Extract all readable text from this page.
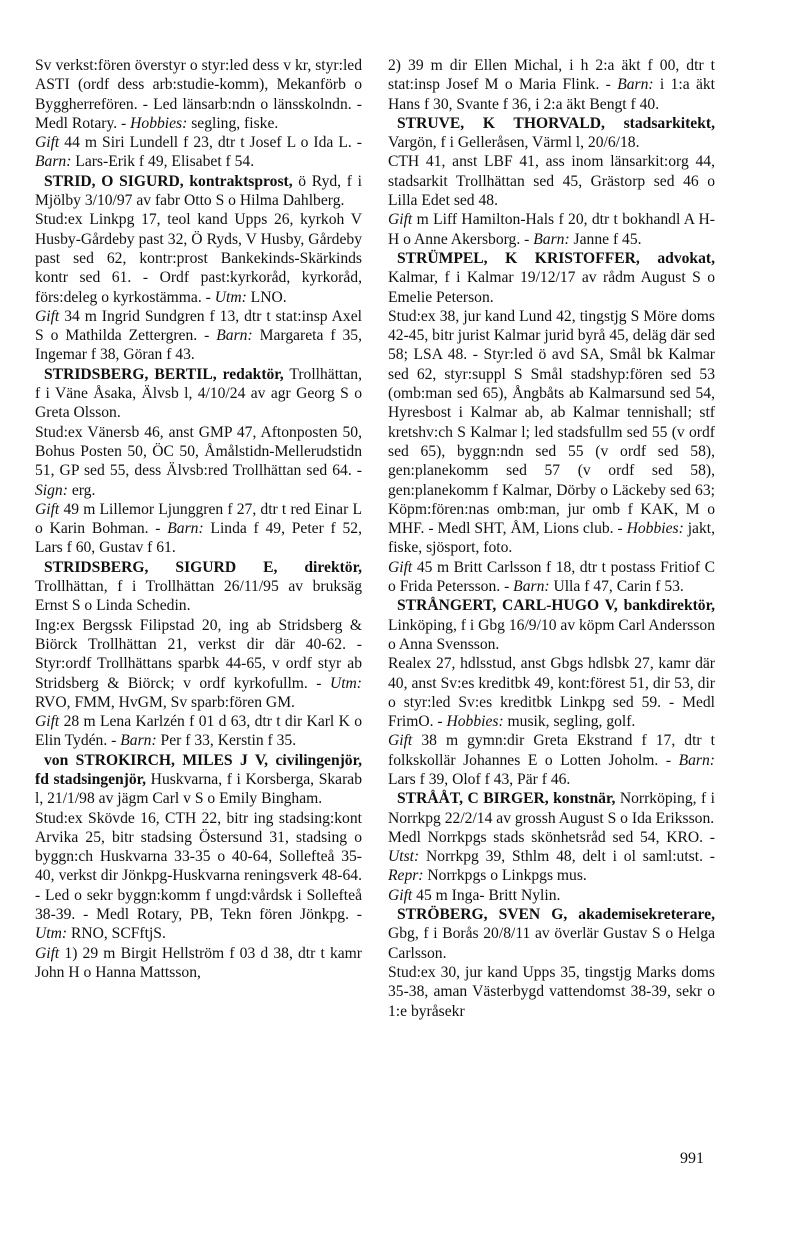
Sv verkst:fören överstyr o styr:led dess v kr, styr:led ASTI (ordf dess arb:studie-komm), Mekanförb o Byggherrefören. - Led länsarb:ndn o länsskolndn. - Medl Rotary. - Hobbies: segling, fiske.

Gift 44 m Siri Lundell f 23, dtr t Josef L o Ida L. - Barn: Lars-Erik f 49, Elisabet f 54.

STRID, O SIGURD, kontraktsprost, ö Ryd, f i Mjölby 3/10/97 av fabr Otto S o Hilma Dahlberg.

Stud:ex Linkpg 17, teol kand Upps 26, kyrkoh V Husby-Gårdeby past 32, Ö Ryds, V Husby, Gårdeby past sed 62, kontr:prost Bankekinds-Skärkinds kontr sed 61. - Ordf past:kyrkoråd, kyrkoråd, förs:deleg o kyrkostämma. - Utm: LNO.

Gift 34 m Ingrid Sundgren f 13, dtr t stat:insp Axel S o Mathilda Zettergren. - Barn: Margareta f 35, Ingemar f 38, Göran f 43.

STRIDSBERG, BERTIL, redaktör, Trollhättan, f i Väne Åsaka, Älvsb l, 4/10/24 av agr Georg S o Greta Olsson.

Stud:ex Vänersb 46, anst GMP 47, Aftonposten 50, Bohus Posten 50, ÖC 50, Åmålstidn-Mellerudstidn 51, GP sed 55, dess Älvsb:red Trollhättan sed 64. - Sign: erg.

Gift 49 m Lillemor Ljunggren f 27, dtr t red Einar L o Karin Bohman. - Barn: Linda f 49, Peter f 52, Lars f 60, Gustav f 61.

STRIDSBERG, SIGURD E, direktör, Trollhättan, f i Trollhättan 26/11/95 av bruksäg Ernst S o Linda Schedin.

Ing:ex Bergssk Filipstad 20, ing ab Stridsberg & Biörck Trollhättan 21, verkst dir där 40-62. - Styr:ordf Trollhättans sparbk 44-65, v ordf styr ab Stridsberg & Biörck; v ordf kyrkofullm. - Utm: RVO, FMM, HvGM, Sv sparb:fören GM.

Gift 28 m Lena Karlzén f 01 d 63, dtr t dir Karl K o Elin Tydén. - Barn: Per f 33, Kerstin f 35.

von STROKIRCH, MILES J V, civilingenjör, fd stadsingenjör, Huskvarna, f i Korsberga, Skarab l, 21/1/98 av jägm Carl v S o Emily Bingham.

Stud:ex Skövde 16, CTH 22, bitr ing stadsing:kont Arvika 25, bitr stadsing Östersund 31, stadsing o byggn:ch Huskvarna 33-35 o 40-64, Sollefteå 35-40, verkst dir Jönkpg-Huskvarna reningsverk 48-64. - Led o sekr byggn:komm f ungd:vårdsk i Sollefteå 38-39. - Medl Rotary, PB, Tekn fören Jönkpg. - Utm: RNO, SCFftjS.

Gift 1) 29 m Birgit Hellström f 03 d 38, dtr t kamr John H o Hanna Mattsson,

2) 39 m dir Ellen Michal, i h 2:a äkt f 00, dtr t stat:insp Josef M o Maria Flink. - Barn: i 1:a äkt Hans f 30, Svante f 36, i 2:a äkt Bengt f 40.

STRUVE, K THORVALD, stadsarkitekt, Vargön, f i Gelleråsen, Värml l, 20/6/18.

CTH 41, anst LBF 41, ass inom länsarkit:org 44, stadsarkit Trollhättan sed 45, Grästorp sed 46 o Lilla Edet sed 48.

Gift m Liff Hamilton-Hals f 20, dtr t bokhandl A H-H o Anne Akersborg. - Barn: Janne f 45.

STRÜMPEL, K KRISTOFFER, advokat, Kalmar, f i Kalmar 19/12/17 av rådm August S o Emelie Peterson.

Stud:ex 38, jur kand Lund 42, tingstjg S Möre doms 42-45, bitr jurist Kalmar jurid byrå 45, deläg där sed 58; LSA 48. - Styr:led ö avd SA, Smål bk Kalmar sed 62, styr:suppl S Smål stadshyp:fören sed 53 (omb:man sed 65), Ångbåts ab Kalmarsund sed 54, Hyresbost i Kalmar ab, ab Kalmar tennishall; stf kretshv:ch S Kalmar l; led stadsfullm sed 55 (v ordf sed 65), byggn:ndn sed 55 (v ordf sed 58), gen:planekomm sed 57 (v ordf sed 58), gen:planekomm f Kalmar, Dörby o Läckeby sed 63; Köpm:fören:nas omb:man, jur omb f KAK, M o MHF. - Medl SHT, ÅM, Lions club. - Hobbies: jakt, fiske, sjösport, foto.

Gift 45 m Britt Carlsson f 18, dtr t postass Fritiof C o Frida Petersson. - Barn: Ulla f 47, Carin f 53.

STRÅNGERT, CARL-HUGO V, bankdirektör, Linköping, f i Gbg 16/9/10 av köpm Carl Andersson o Anna Svensson.

Realex 27, hdlsstud, anst Gbgs hdlsbk 27, kamr där 40, anst Sv:es kreditbk 49, kont:förest 51, dir 53, dir o styr:led Sv:es kreditbk Linkpg sed 59. - Medl FrimO. - Hobbies: musik, segling, golf.

Gift 38 m gymn:dir Greta Ekstrand f 17, dtr t folkskollär Johannes E o Lotten Joholm. - Barn: Lars f 39, Olof f 43, Pär f 46.

STRÅÅT, C BIRGER, konstnär, Norrköping, f i Norrkpg 22/2/14 av grossh August S o Ida Eriksson.

Medl Norrkpgs stads skönhetsråd sed 54, KRO. - Utst: Norrkpg 39, Sthlm 48, delt i ol saml:utst. - Repr: Norrkpgs o Linkpgs mus.

Gift 45 m Inga- Britt Nylin.

STRÖBERG, SVEN G, akademisekreterare, Gbg, f i Borås 20/8/11 av överlär Gustav S o Helga Carlsson.

Stud:ex 30, jur kand Upps 35, tingstjg Marks doms 35-38, aman Västerbygd vattendomst 38-39, sekr o 1:e byråsekr

991
